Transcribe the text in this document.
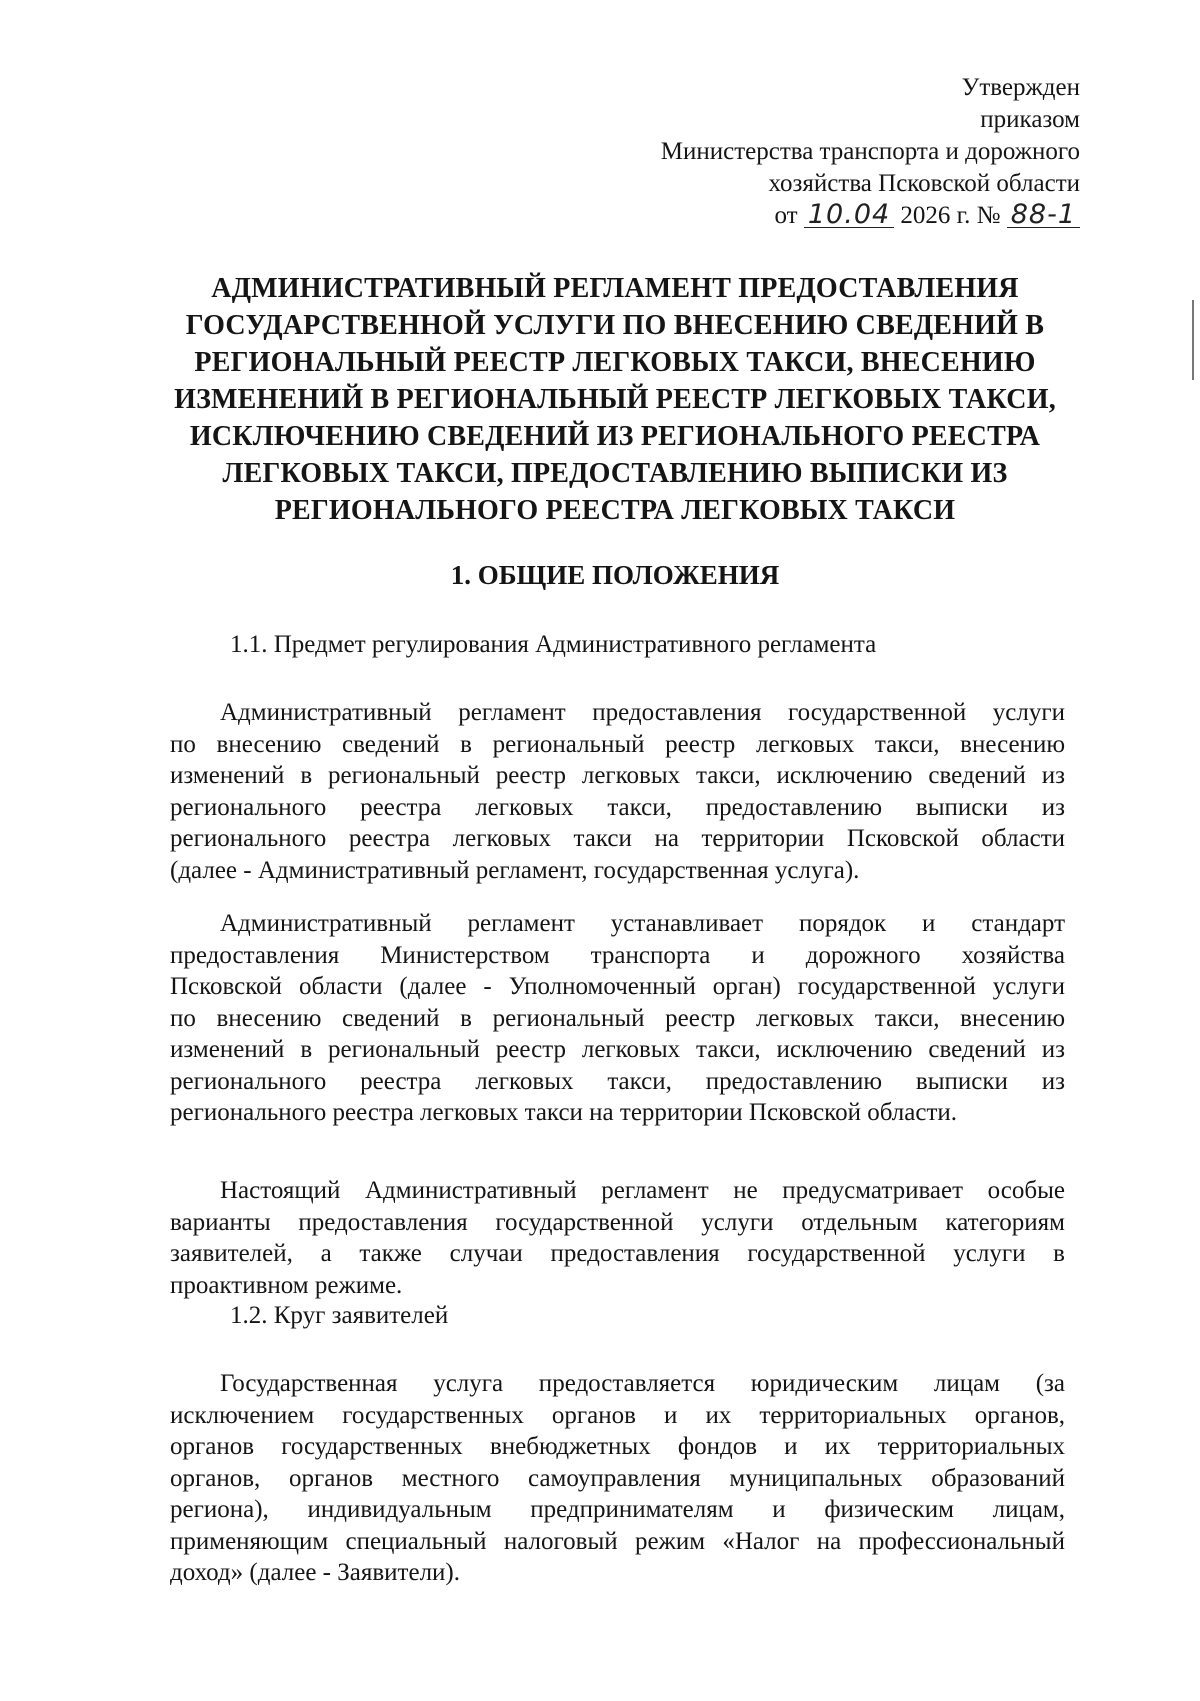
Утвержден
приказом
Министерства транспорта и дорожного
хозяйства Псковской области
от 10.04 2026 г. № 88-1
АДМИНИСТРАТИВНЫЙ РЕГЛАМЕНТ ПРЕДОСТАВЛЕНИЯ
ГОСУДАРСТВЕННОЙ УСЛУГИ ПО ВНЕСЕНИЮ СВЕДЕНИЙ В
РЕГИОНАЛЬНЫЙ РЕЕСТР ЛЕГКОВЫХ ТАКСИ, ВНЕСЕНИЮ
ИЗМЕНЕНИЙ В РЕГИОНАЛЬНЫЙ РЕЕСТР ЛЕГКОВЫХ ТАКСИ,
ИСКЛЮЧЕНИЮ СВЕДЕНИЙ ИЗ РЕГИОНАЛЬНОГО РЕЕСТРА
ЛЕГКОВЫХ ТАКСИ, ПРЕДОСТАВЛЕНИЮ ВЫПИСКИ ИЗ
РЕГИОНАЛЬНОГО РЕЕСТРА ЛЕГКОВЫХ ТАКСИ
1. ОБЩИЕ ПОЛОЖЕНИЯ
1.1. Предмет регулирования Административного регламента
Административный регламент предоставления государственной услуги
по внесению сведений в региональный реестр легковых такси, внесению
изменений в региональный реестр легковых такси, исключению сведений из
регионального реестра легковых такси, предоставлению выписки из
регионального реестра легковых такси на территории Псковской области
(далее - Административный регламент, государственная услуга).
Административный регламент устанавливает порядок и стандарт
предоставления Министерством транспорта и дорожного хозяйства
Псковской области (далее - Уполномоченный орган) государственной услуги
по внесению сведений в региональный реестр легковых такси, внесению
изменений в региональный реестр легковых такси, исключению сведений из
регионального реестра легковых такси, предоставлению выписки из
регионального реестра легковых такси на территории Псковской области.
Настоящий Административный регламент не предусматривает особые
варианты предоставления государственной услуги отдельным категориям
заявителей, а также случаи предоставления государственной услуги в
проактивном режиме.
1.2. Круг заявителей
Государственная услуга предоставляется юридическим лицам (за
исключением государственных органов и их территориальных органов,
органов государственных внебюджетных фондов и их территориальных
органов, органов местного самоуправления муниципальных образований
региона), индивидуальным предпринимателям и физическим лицам,
применяющим специальный налоговый режим «Налог на профессиональный
доход» (далее - Заявители).
